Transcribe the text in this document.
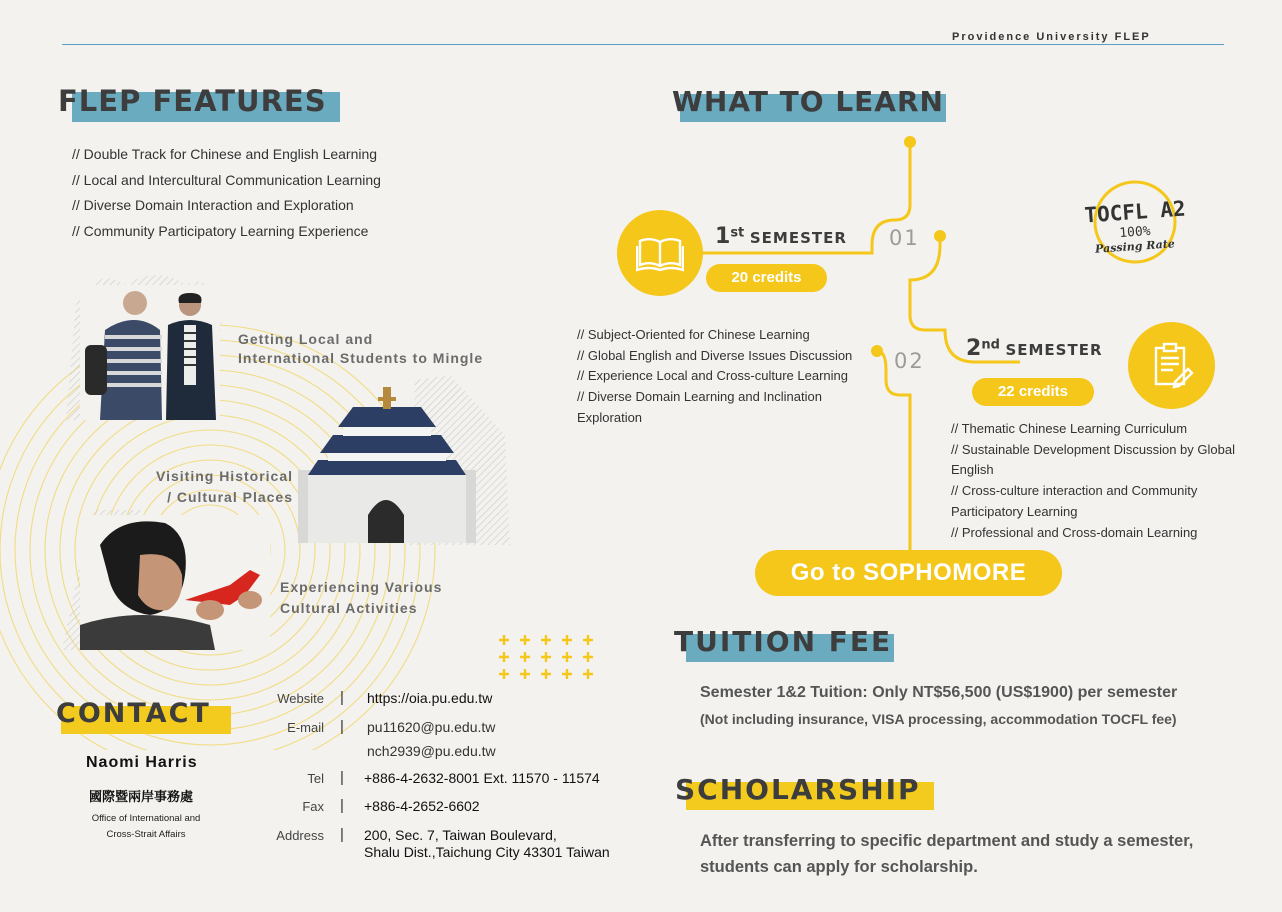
Providence University FLEP
FLEP FEATURES
// Double Track for Chinese and English Learning
// Local and Intercultural Communication Learning
// Diverse Domain Interaction and Exploration
// Community Participatory Learning Experience
Getting Local and
International Students to Mingle
Visiting Historical
/ Cultural Places
Experiencing Various
Cultural Activities
CONTACT
Naomi Harris
國際暨兩岸事務處
Office of International and
Cross-Strait Affairs
Website | https://oia.pu.edu.tw
E-mail | pu11620@pu.edu.tw
nch2939@pu.edu.tw
Tel | +886-4-2632-8001 Ext. 11570 - 11574
Fax | +886-4-2652-6602
Address | 200, Sec. 7, Taiwan Boulevard,
Shalu Dist.,Taichung City 43301 Taiwan
WHAT TO LEARN
1st SEMESTER 01
20 credits
// Subject-Oriented for Chinese Learning
// Global English and Diverse Issues Discussion
// Experience Local and Cross-culture Learning
// Diverse Domain Learning and Inclination Exploration
TOCFL A2
100%
Passing Rate
2nd SEMESTER
02
22 credits
// Thematic Chinese Learning Curriculum
// Sustainable Development Discussion by Global English
// Cross-culture interaction and Community Participatory Learning
// Professional and Cross-domain Learning
Go to SOPHOMORE
TUITION FEE
Semester 1&2 Tuition: Only NT$56,500 (US$1900) per semester
(Not including insurance, VISA processing, accommodation TOCFL fee)
SCHOLARSHIP
After transferring to specific department and study a semester,
students can apply for scholarship.
